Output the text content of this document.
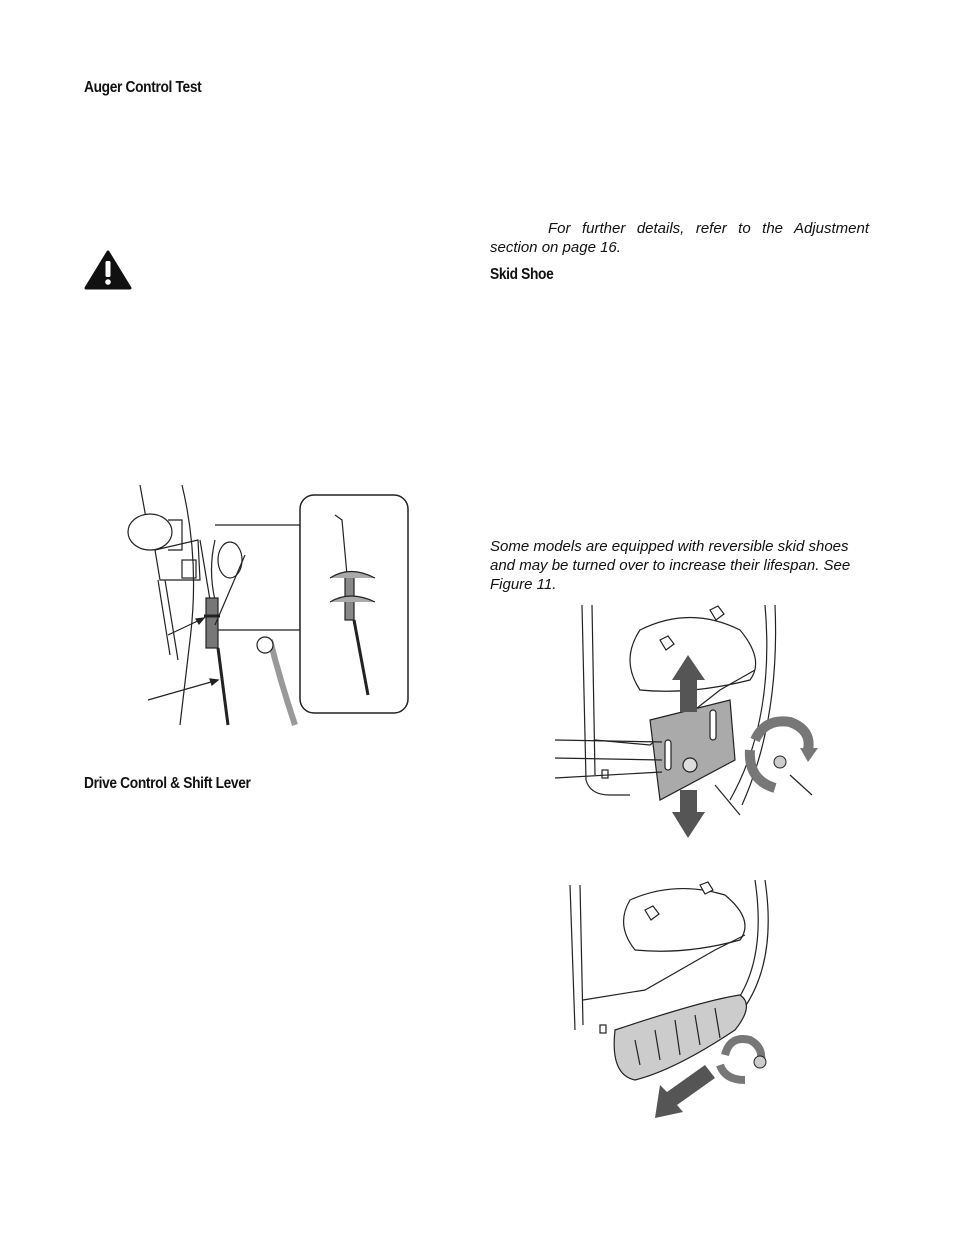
Auger Control Test
Drive Control & Shift Lever
For further details, refer to the Adjustment section on page 16.
Skid Shoe
Some models are equipped with reversible skid shoes and may be turned over to increase their lifespan. See Figure 11.
